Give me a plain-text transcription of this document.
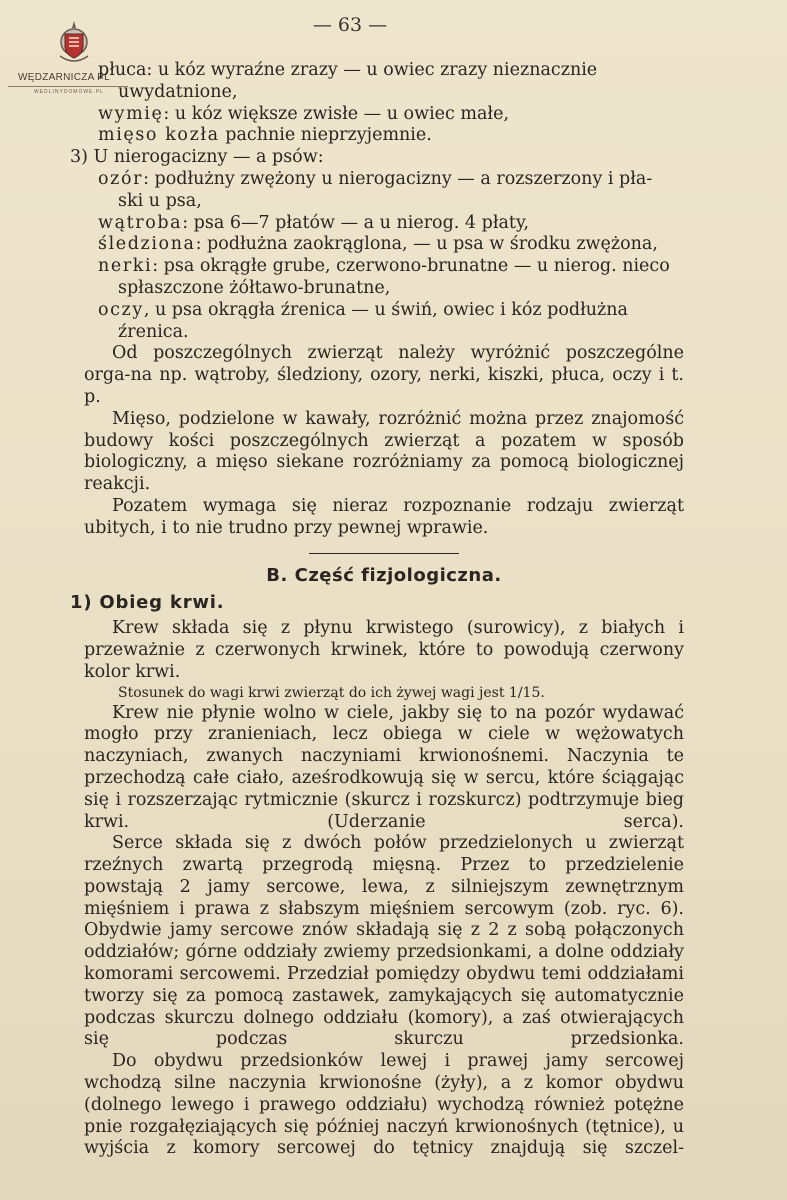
WĘDZARNICZA PL
WEDLINYDOMOWE.PL
— 63 —
płuca: u kóz wyraźne zrazy — u owiec zrazy nieznacznie
uwydatnione,
wymię: u kóz większe zwisłe — u owiec małe,
mięso kozła pachnie nieprzyjemnie.
3) U nierogacizny — a psów:
ozór: podłużny zwężony u nierogacizny — a rozszerzony i pła-
ski u psa,
wątroba: psa 6—7 płatów — a u nierog. 4 płaty,
śledziona: podłużna zaokrąglona, — u psa w środku zwężona,
nerki: psa okrągłe grube, czerwono-brunatne — u nierog. nieco
spłaszczone żółtawo-brunatne,
oczy, u psa okrągła źrenica — u świń, owiec i kóz podłużna
źrenica.

Od poszczególnych zwierząt należy wyróżnić poszczególne orga-na np. wątroby, śledziony, ozory, nerki, kiszki, płuca, oczy i t. p.

Mięso, podzielone w kawały, rozróżnić można przez znajomość budowy kości poszczególnych zwierząt a pozatem w sposób biologiczny, a mięso siekane rozróżniamy za pomocą biologicznej reakcji.

Pozatem wymaga się nieraz rozpoznanie rodzaju zwierząt ubitych, i to nie trudno przy pewnej wprawie.

B. Część fizjologiczna.
1) Obieg krwi.

Krew składa się z płynu krwistego (surowicy), z białych i przeważnie z czerwonych krwinek, które to powodują czerwony kolor krwi.

Stosunek do wagi krwi zwierząt do ich żywej wagi jest 1/15.

Krew nie płynie wolno w ciele, jakby się to na pozór wydawać mogło przy zranieniach, lecz obiega w ciele w wężowatych naczyniach, zwanych naczyniami krwionośnemi. Naczynia te przechodzą całe ciało, aześrodkowują się w sercu, które ściągając się i rozszerzając rytmicznie (skurcz i rozskurcz) podtrzymuje bieg krwi. (Uderzanie serca).

Serce składa się z dwóch połów przedzielonych u zwierząt rzeźnych zwartą przegrodą mięsną. Przez to przedzielenie powstają 2 jamy sercowe, lewa, z silniejszym zewnętrznym mięśniem i prawa z słabszym mięśniem sercowym (zob. ryc. 6). Obydwie jamy sercowe znów składają się z 2 z sobą połączonych oddziałów; górne oddziały zwiemy przedsionkami, a dolne oddziały komorami sercowemi. Przedział pomiędzy obydwu temi oddziałami tworzy się za pomocą zastawek, zamykających się automatycznie podczas skurczu dolnego oddziału (komory), a zaś otwierających się podczas skurczu przedsionka.

Do obydwu przedsionków lewej i prawej jamy sercowej wchodzą silne naczynia krwionośne (żyły), a z komor obydwu (dolnego lewego i prawego oddziału) wychodzą również potężne pnie rozgałęziających się później naczyń krwionośnych (tętnice), u wyjścia z komory sercowej do tętnicy znajdują się szczel-
